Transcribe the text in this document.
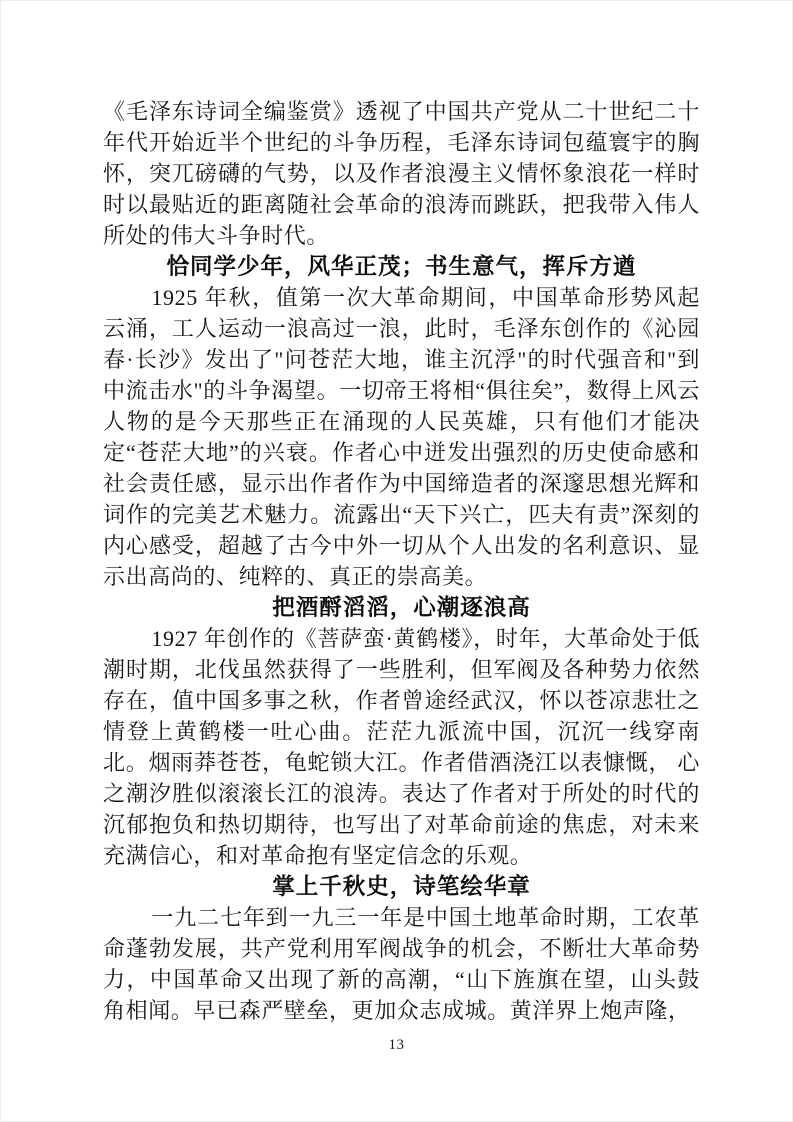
《毛泽东诗词全编鉴赏》透视了中国共产党从二十世纪二十年代开始近半个世纪的斗争历程，毛泽东诗词包蕴寰宇的胸怀，突兀磅礴的气势，以及作者浪漫主义情怀象浪花一样时时以最贴近的距离随社会革命的浪涛而跳跃，把我带入伟人所处的伟大斗争时代。

恰同学少年，风华正茂；书生意气，挥斥方遒

1925 年秋，值第一次大革命期间，中国革命形势风起云涌，工人运动一浪高过一浪，此时，毛泽东创作的《沁园春·长沙》发出了"问苍茫大地，谁主沉浮"的时代强音和"到中流击水"的斗争渴望。一切帝王将相“俱往矣”，数得上风云人物的是今天那些正在涌现的人民英雄，只有他们才能决定“苍茫大地”的兴衰。作者心中迸发出强烈的历史使命感和社会责任感，显示出作者作为中国缔造者的深邃思想光辉和词作的完美艺术魅力。流露出“天下兴亡，匹夫有责”深刻的内心感受，超越了古今中外一切从个人出发的名利意识、显示出高尚的、纯粹的、真正的崇高美。

把酒酹滔滔，心潮逐浪高

1927 年创作的《菩萨蛮·黄鹤楼》，时年，大革命处于低潮时期，北伐虽然获得了一些胜利，但军阀及各种势力依然存在，值中国多事之秋，作者曾途经武汉，怀以苍凉悲壮之情登上黄鹤楼一吐心曲。茫茫九派流中国，沉沉一线穿南北。烟雨莽苍苍，龟蛇锁大江。作者借酒浇江以表慷慨， 心之潮汐胜似滚滚长江的浪涛。表达了作者对于所处的时代的沉郁抱负和热切期待，也写出了对革命前途的焦虑，对未来充满信心，和对革命抱有坚定信念的乐观。

掌上千秋史，诗笔绘华章

一九二七年到一九三一年是中国土地革命时期，工农革命蓬勃发展，共产党利用军阀战争的机会，不断壮大革命势力，中国革命又出现了新的高潮，“山下旌旗在望，山头鼓角相闻。早已森严壁垒，更加众志成城。黄洋界上炮声隆，

13
